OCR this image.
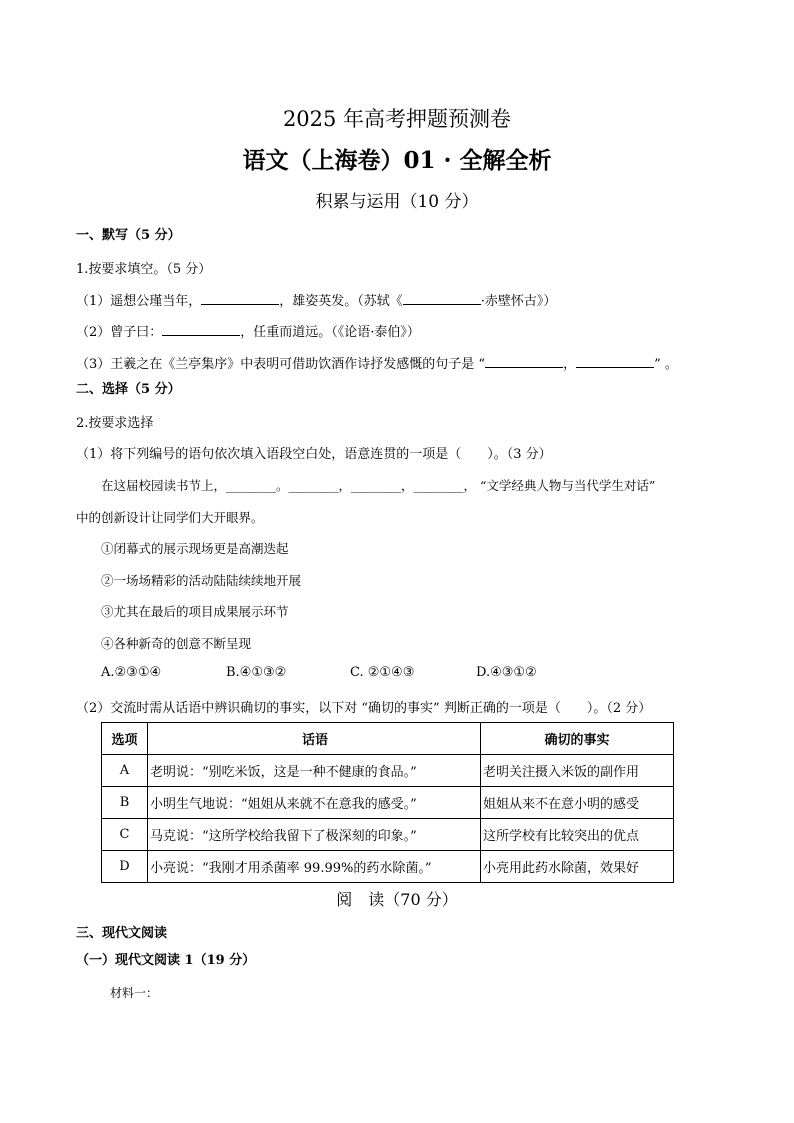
2025 年高考押题预测卷
语文（上海卷）01 · 全解全析
积累与运用（10 分）
一、默写（5 分）
1.按要求填空。（5 分）
（1）遥想公瑾当年，	，雄姿英发。（苏轼《	·赤壁怀古》）
（2）曾子曰：	，任重而道远。（《论语·泰伯》）
（3）王羲之在《兰亭集序》中表明可借助饮酒作诗抒发感慨的句子是 “	，	” 。
二、选择（5 分）
2.按要求选择
（1）将下列编号的语句依次填入语段空白处，语意连贯的一项是（　　）。（3 分）
在这届校园读书节上，________。________，________，________， “文学经典人物与当代学生对话”
中的创新设计让同学们大开眼界。
①闭幕式的展示现场更是高潮迭起
②一场场精彩的活动陆陆续续地开展
③尤其在最后的项目成果展示环节
④各种新奇的创意不断呈现
A.②③①④	B.④①③②	C. ②①④③	D.④③①②
（2）交流时需从话语中辨识确切的事实，以下对 “确切的事实” 判断正确的一项是（　　）。（2 分）
选项	话语	确切的事实
A	老明说：“别吃米饭，这是一种不健康的食品。”	老明关注摄入米饭的副作用
B	小明生气地说：“姐姐从来就不在意我的感受。”	姐姐从来不在意小明的感受
C	马克说：“这所学校给我留下了极深刻的印象。”	这所学校有比较突出的优点
D	小亮说：“我刚才用杀菌率 99.99%的药水除菌。”	小亮用此药水除菌，效果好
阅　读（70 分）
三、现代文阅读
（一）现代文阅读 1（19 分）
材料一：
